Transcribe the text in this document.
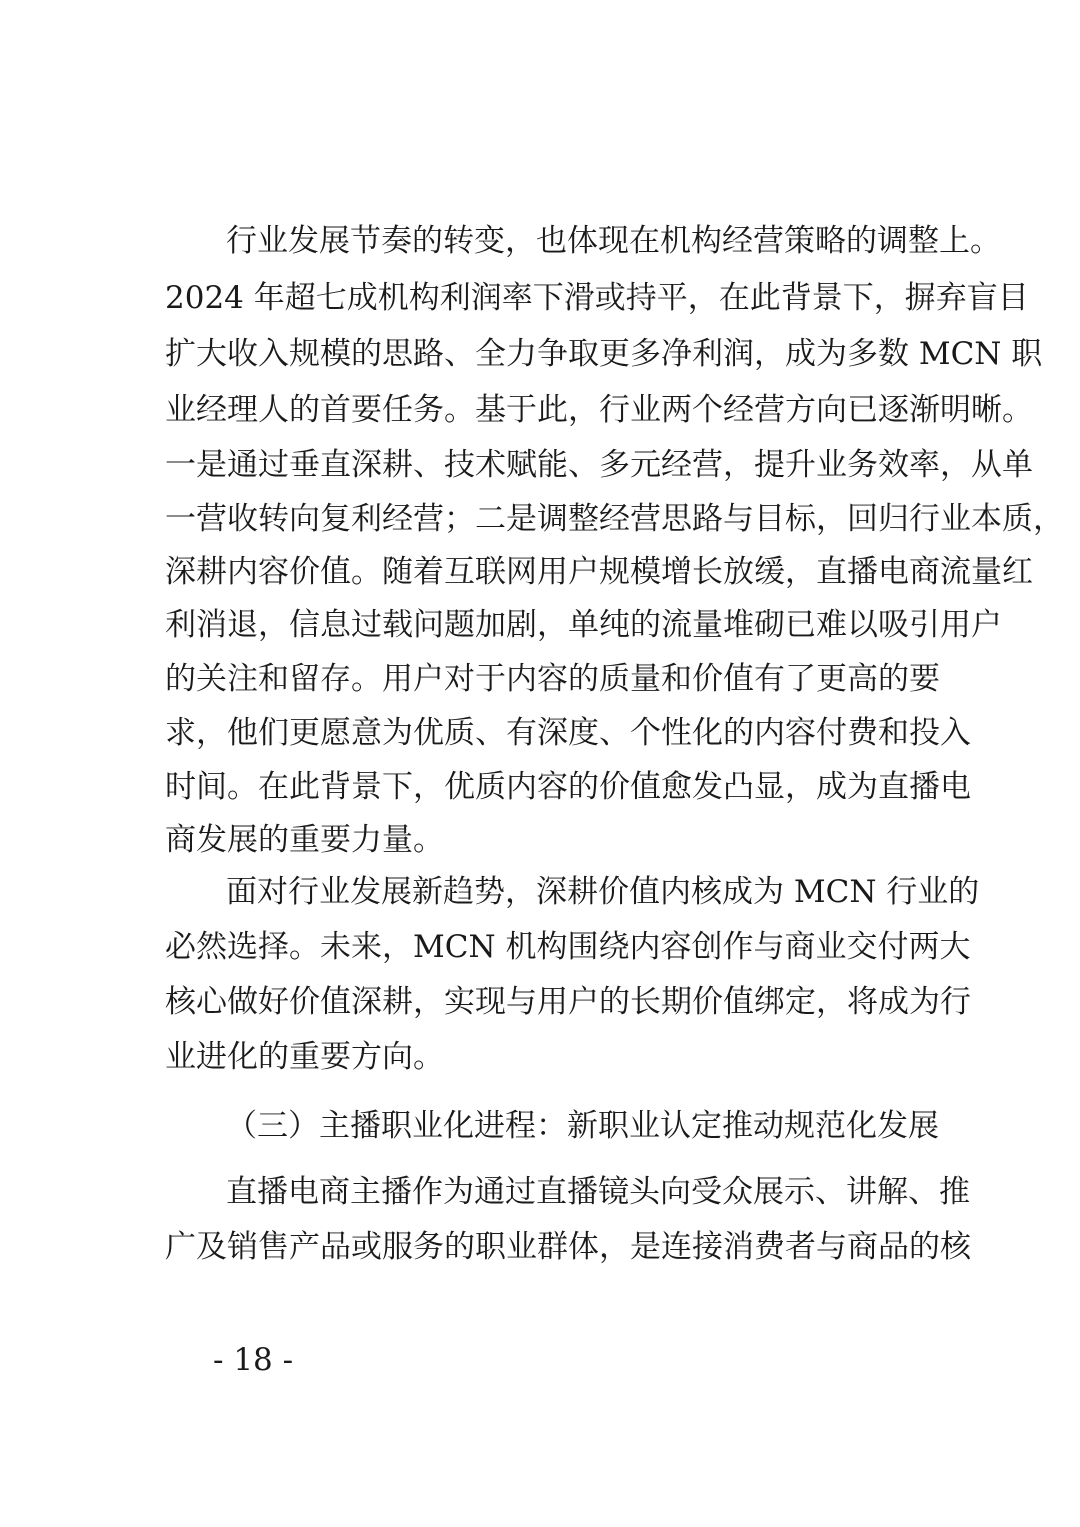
行业发展节奏的转变，也体现在机构经营策略的调整上。
2024 年超七成机构利润率下滑或持平，在此背景下，摒弃盲目
扩大收入规模的思路、全力争取更多净利润，成为多数 MCN 职
业经理人的首要任务。基于此，行业两个经营方向已逐渐明晰。
一是通过垂直深耕、技术赋能、多元经营，提升业务效率，从单
一营收转向复利经营；二是调整经营思路与目标，回归行业本质，
深耕内容价值。随着互联网用户规模增长放缓，直播电商流量红
利消退，信息过载问题加剧，单纯的流量堆砌已难以吸引用户
的关注和留存。用户对于内容的质量和价值有了更高的要
求，他们更愿意为优质、有深度、个性化的内容付费和投入
时间。在此背景下，优质内容的价值愈发凸显，成为直播电
商发展的重要力量。
面对行业发展新趋势，深耕价值内核成为 MCN 行业的
必然选择。未来，MCN 机构围绕内容创作与商业交付两大
核心做好价值深耕，实现与用户的长期价值绑定，将成为行
业进化的重要方向。
（三）主播职业化进程：新职业认定推动规范化发展
直播电商主播作为通过直播镜头向受众展示、讲解、推
广及销售产品或服务的职业群体，是连接消费者与商品的核
- 18 -
